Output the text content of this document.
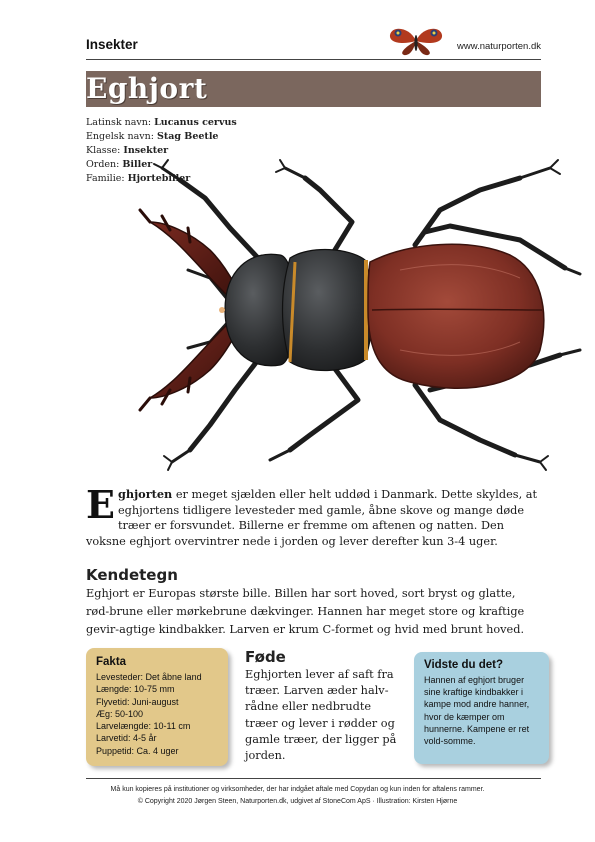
Insekter	www.naturporten.dk
Eghjort
Latinsk navn: Lucanus cervus
Engelsk navn: Stag Beetle
Klasse: Insekter
Orden: Biller
Familie: Hjortebiller
Eghjorten er meget sjælden eller helt uddød i Danmark. Dette skyldes, at eghjortens tidligere levesteder med gamle, åbne skove og mange døde træer er forsvundet. Billerne er fremme om aftenen og natten. Den voksne eghjort overvintrer nede i jorden og lever derefter kun 3-4 uger.
Kendetegn
Eghjort er Europas største bille. Billen har sort hoved, sort bryst og glatte, rød-brune eller mørkebrune dækvinger. Hannen har meget store og kraftige gevir-agtige kindbakker. Larven er krum C-formet og hvid med brunt hoved.
Fakta
Levesteder: Det åbne land
Længde: 10-75 mm
Flyvetid: Juni-august
Æg: 50-100
Larvelængde: 10-11 cm
Larvetid: 4-5 år
Puppetid: Ca. 4 uger
Føde
Eghjorten lever af saft fra træer. Larven æder halv-rådne eller nedbrudte træer og lever i rødder og gamle træer, der ligger på jorden.
Vidste du det?
Hannen af eghjort bruger sine kraftige kindbakker i kampe mod andre hanner, hvor de kæmper om hunnerne. Kampene er ret vold-somme.
Må kun kopieres på institutioner og virksomheder, der har indgået aftale med Copydan og kun inden for aftalens rammer.
© Copyright 2020 Jørgen Steen, Naturporten.dk, udgivet af StoneCom ApS · Illustration: Kirsten Hjørne
